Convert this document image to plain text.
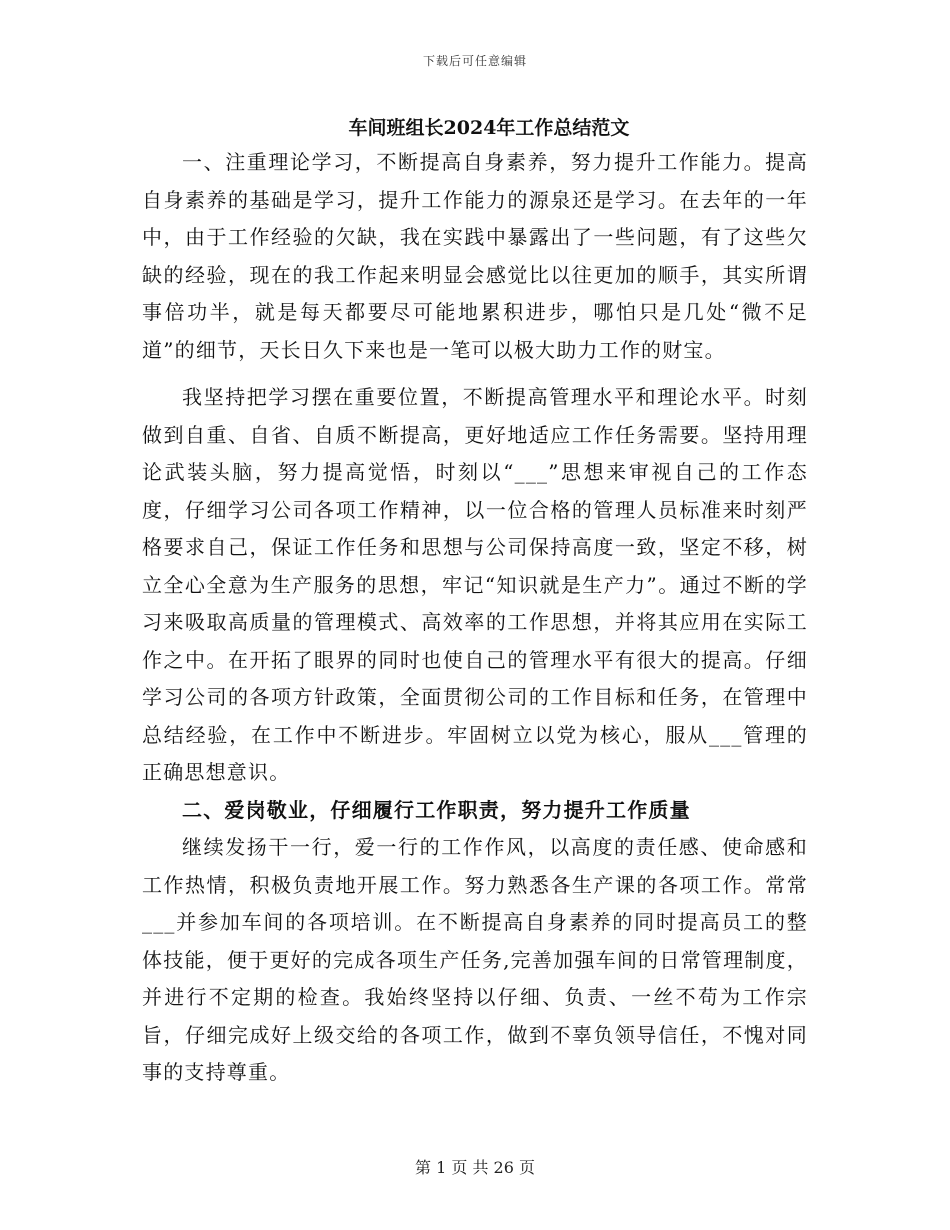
下载后可任意编辑
车间班组长2024年工作总结范文

一、注重理论学习，不断提高自身素养，努力提升工作能力。提高自身素养的基础是学习，提升工作能力的源泉还是学习。在去年的一年中，由于工作经验的欠缺，我在实践中暴露出了一些问题，有了这些欠缺的经验，现在的我工作起来明显会感觉比以往更加的顺手，其实所谓事倍功半，就是每天都要尽可能地累积进步，哪怕只是几处“微不足道”的细节，天长日久下来也是一笔可以极大助力工作的财宝。

我坚持把学习摆在重要位置，不断提高管理水平和理论水平。时刻做到自重、自省、自质不断提高，更好地适应工作任务需要。坚持用理论武装头脑，努力提高觉悟，时刻以“___”思想来审视自己的工作态度，仔细学习公司各项工作精神，以一位合格的管理人员标准来时刻严格要求自己，保证工作任务和思想与公司保持高度一致，坚定不移，树立全心全意为生产服务的思想，牢记“知识就是生产力”。通过不断的学习来吸取高质量的管理模式、高效率的工作思想，并将其应用在实际工作之中。在开拓了眼界的同时也使自己的管理水平有很大的提高。仔细学习公司的各项方针政策，全面贯彻公司的工作目标和任务，在管理中总结经验，在工作中不断进步。牢固树立以党为核心，服从___管理的正确思想意识。

二、爱岗敬业，仔细履行工作职责，努力提升工作质量

继续发扬干一行，爱一行的工作作风，以高度的责任感、使命感和工作热情，积极负责地开展工作。努力熟悉各生产课的各项工作。常常___并参加车间的各项培训。在不断提高自身素养的同时提高员工的整体技能，便于更好的完成各项生产任务,完善加强车间的日常管理制度，并进行不定期的检查。我始终坚持以仔细、负责、一丝不苟为工作宗旨，仔细完成好上级交给的各项工作，做到不辜负领导信任，不愧对同事的支持尊重。

第 1 页 共 26 页
